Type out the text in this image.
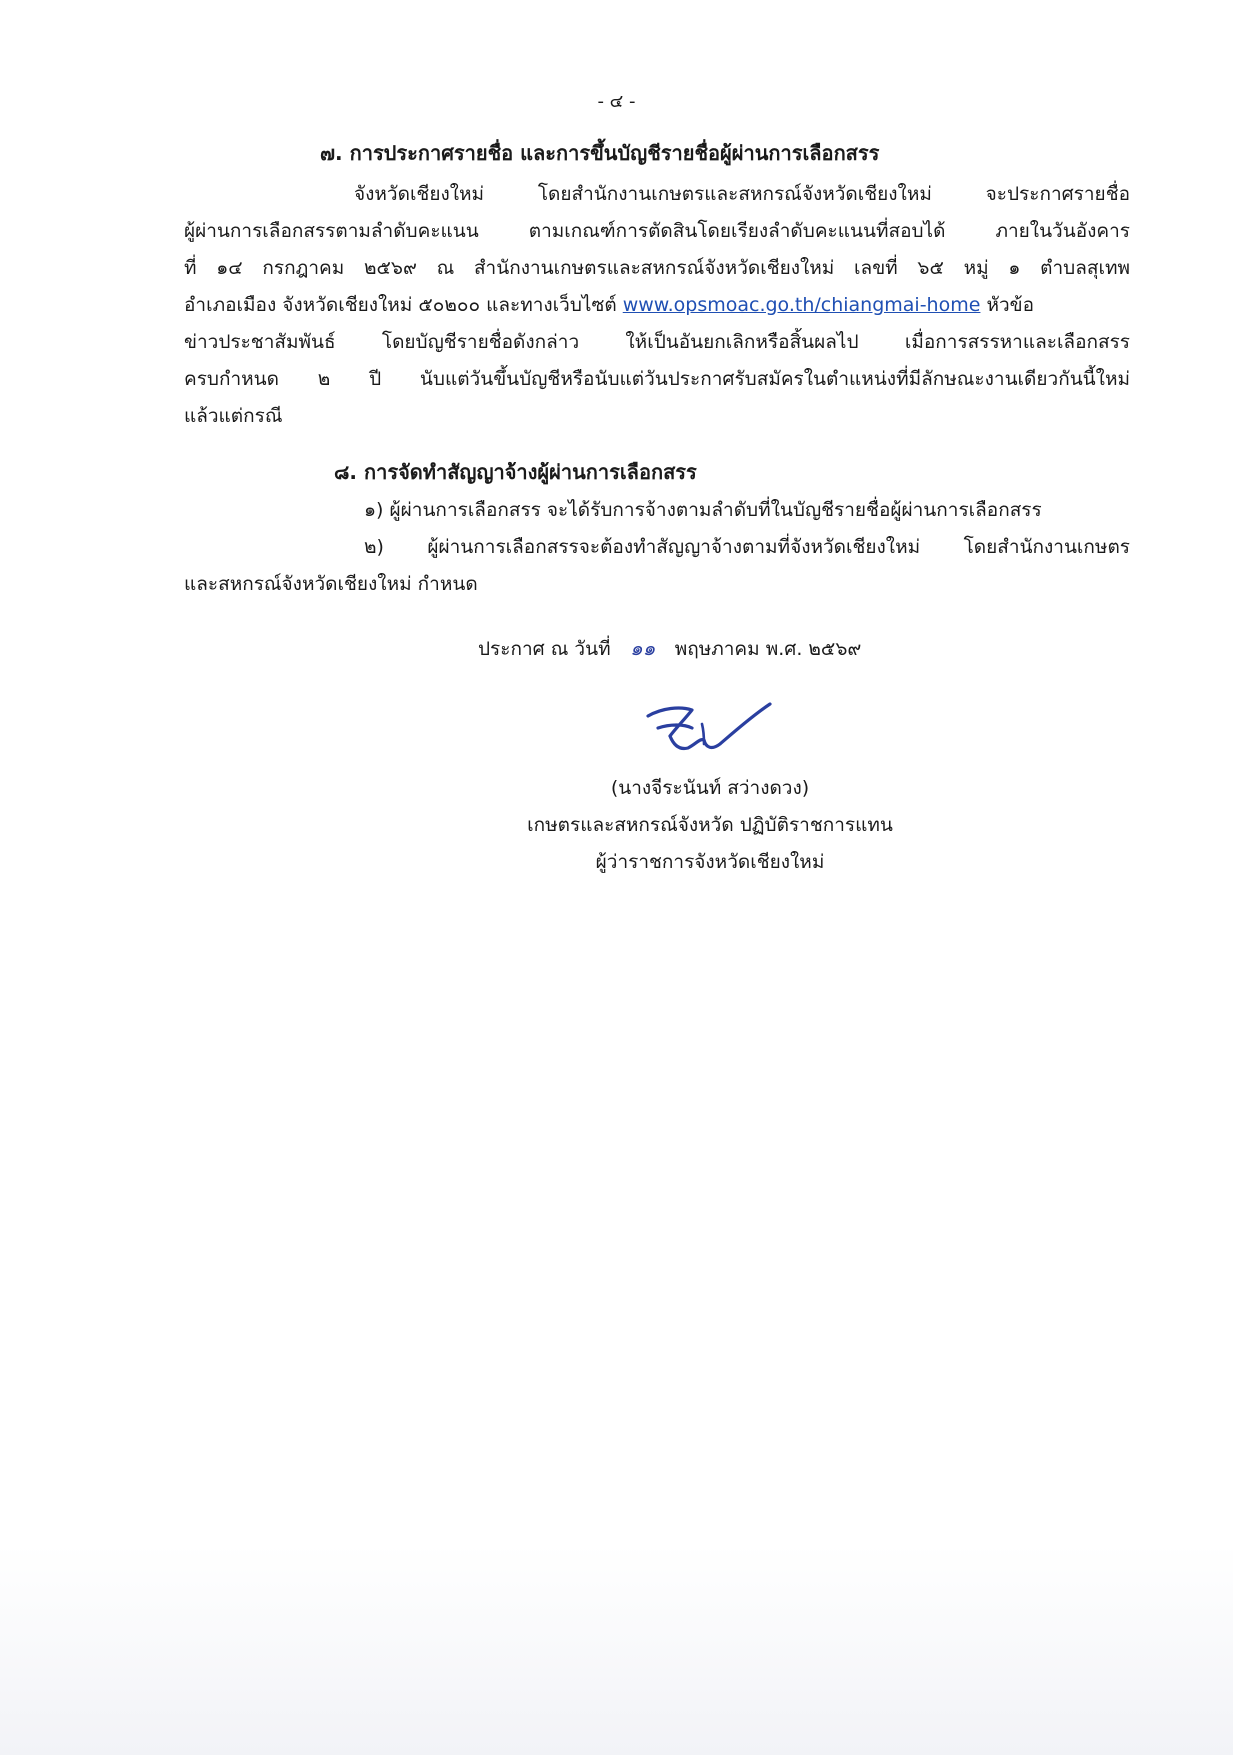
- ๔ -
๗. การประกาศรายชื่อ และการขึ้นบัญชีรายชื่อผู้ผ่านการเลือกสรร
จังหวัดเชียงใหม่ โดยสำนักงานเกษตรและสหกรณ์จังหวัดเชียงใหม่ จะประกาศรายชื่อ
ผู้ผ่านการเลือกสรรตามลำดับคะแนน ตามเกณฑ์การตัดสินโดยเรียงลำดับคะแนนที่สอบได้ ภายในวันอังคาร
ที่ ๑๔ กรกฎาคม ๒๕๖๙ ณ สำนักงานเกษตรและสหกรณ์จังหวัดเชียงใหม่ เลขที่ ๖๕ หมู่ ๑ ตำบลสุเทพ
อำเภอเมือง จังหวัดเชียงใหม่ ๕๐๒๐๐ และทางเว็บไซต์ www.opsmoac.go.th/chiangmai-home หัวข้อ
ข่าวประชาสัมพันธ์ โดยบัญชีรายชื่อดังกล่าว ให้เป็นอันยกเลิกหรือสิ้นผลไป เมื่อการสรรหาและเลือกสรร
ครบกำหนด ๒ ปี นับแต่วันขึ้นบัญชีหรือนับแต่วันประกาศรับสมัครในตำแหน่งที่มีลักษณะงานเดียวกันนี้ใหม่
แล้วแต่กรณี
๘. การจัดทำสัญญาจ้างผู้ผ่านการเลือกสรร
๑) ผู้ผ่านการเลือกสรร จะได้รับการจ้างตามลำดับที่ในบัญชีรายชื่อผู้ผ่านการเลือกสรร
๒) ผู้ผ่านการเลือกสรรจะต้องทำสัญญาจ้างตามที่จังหวัดเชียงใหม่ โดยสำนักงานเกษตร
และสหกรณ์จังหวัดเชียงใหม่ กำหนด
ประกาศ ณ วันที่ ๑๑ พฤษภาคม พ.ศ. ๒๕๖๙
(นางจีระนันท์ สว่างดวง)
เกษตรและสหกรณ์จังหวัด ปฏิบัติราชการแทน
ผู้ว่าราชการจังหวัดเชียงใหม่
